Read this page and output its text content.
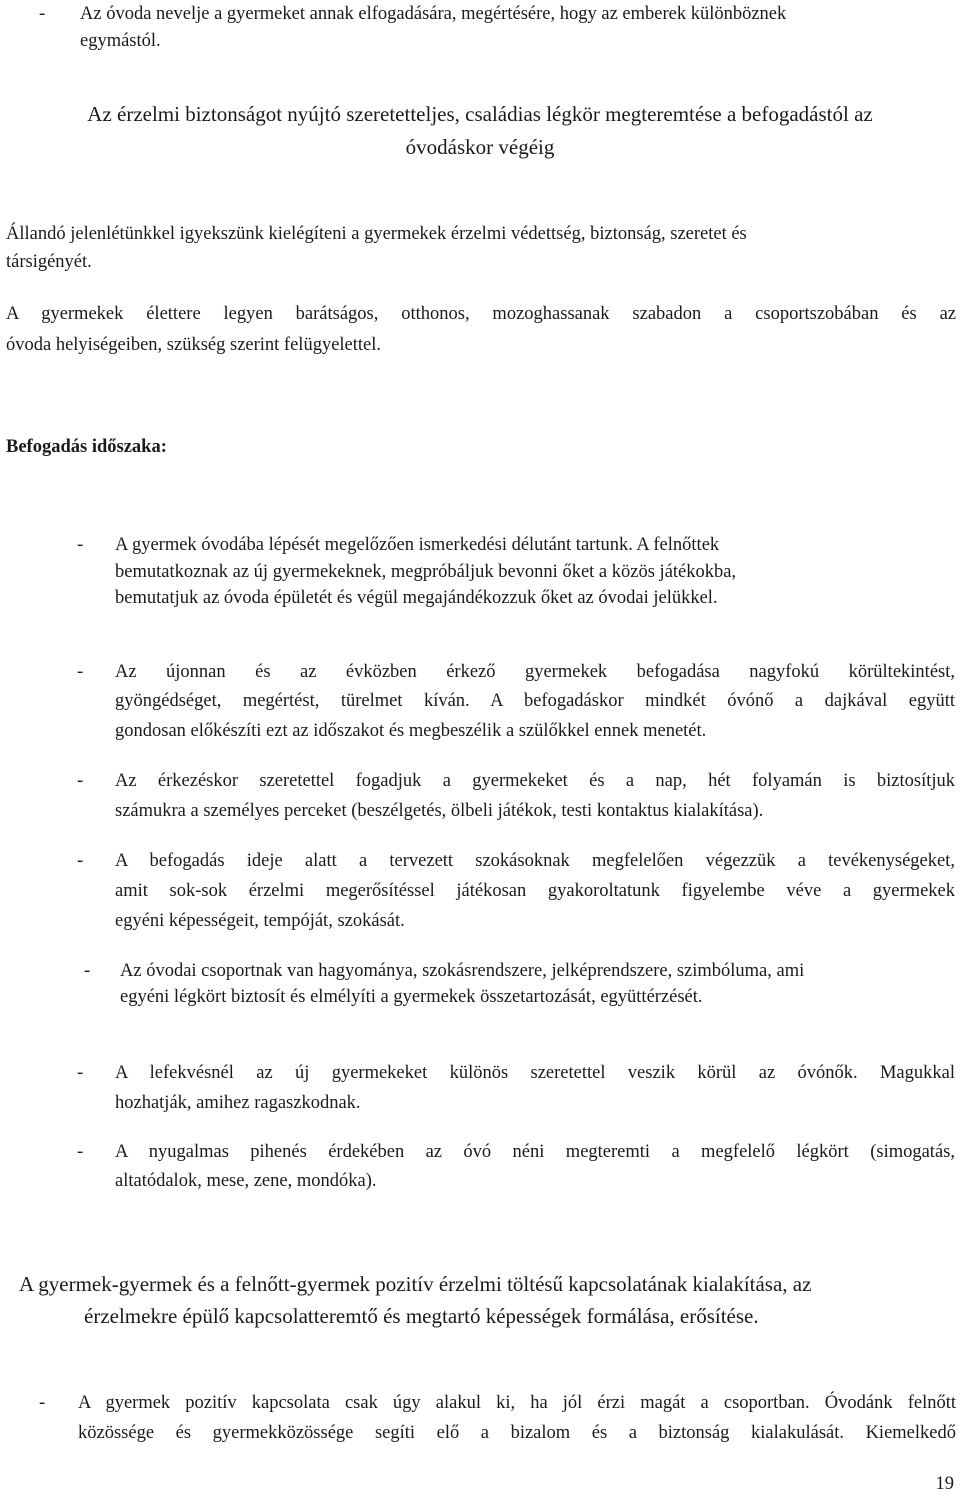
- Az óvoda nevelje a gyermeket annak elfogadására, megértésére, hogy az emberek különböznek
egymástól.
Az érzelmi biztonságot nyújtó szeretetteljes, családias légkör megteremtése a befogadástól az
óvodáskor végéig
Állandó jelenlétünkkel igyekszünk kielégíteni a gyermekek érzelmi védettség, biztonság, szeretet és
társigényét.
A gyermekek élettere legyen barátságos, otthonos, mozoghassanak szabadon a csoportszobában és az
óvoda helyiségeiben, szükség szerint felügyelettel.
Befogadás időszaka:
- A gyermek óvodába lépését megelőzően ismerkedési délutánt tartunk. A felnőttek
bemutatkoznak az új gyermekeknek, megpróbáljuk bevonni őket a közös játékokba,
bemutatjuk az óvoda épületét és végül megajándékozzuk őket az óvodai jelükkel.
- Az újonnan és az évközben érkező gyermekek befogadása nagyfokú körültekintést,
gyöngédséget, megértést, türelmet kíván. A befogadáskor mindkét óvónő a dajkával együtt
gondosan előkészíti ezt az időszakot és megbeszélik a szülőkkel ennek menetét.
- Az érkezéskor szeretettel fogadjuk a gyermekeket és a nap, hét folyamán is biztosítjuk
számukra a személyes perceket (beszélgetés, ölbeli játékok, testi kontaktus kialakítása).
- A befogadás ideje alatt a tervezett szokásoknak megfelelően végezzük a tevékenységeket,
amit sok-sok érzelmi megerősítéssel játékosan gyakoroltatunk figyelembe véve a gyermekek
egyéni képességeit, tempóját, szokását.
- Az óvodai csoportnak van hagyománya, szokásrendszere, jelképrendszere, szimbóluma, ami
egyéni légkört biztosít és elmélyíti a gyermekek összetartozását, együttérzését.
- A lefekvésnél az új gyermekeket különös szeretettel veszik körül az óvónők. Magukkal
hozhatják, amihez ragaszkodnak.
- A nyugalmas pihenés érdekében az óvó néni megteremti a megfelelő légkört (simogatás,
altatódalok, mese, zene, mondóka).
A gyermek-gyermek és a felnőtt-gyermek pozitív érzelmi töltésű kapcsolatának kialakítása, az
érzelmekre épülő kapcsolatteremtő és megtartó képességek formálása, erősítése.
- A gyermek pozitív kapcsolata csak úgy alakul ki, ha jól érzi magát a csoportban. Óvodánk felnőtt
közössége és gyermekközössége segíti elő a bizalom és a biztonság kialakulását. Kiemelkedő
19
